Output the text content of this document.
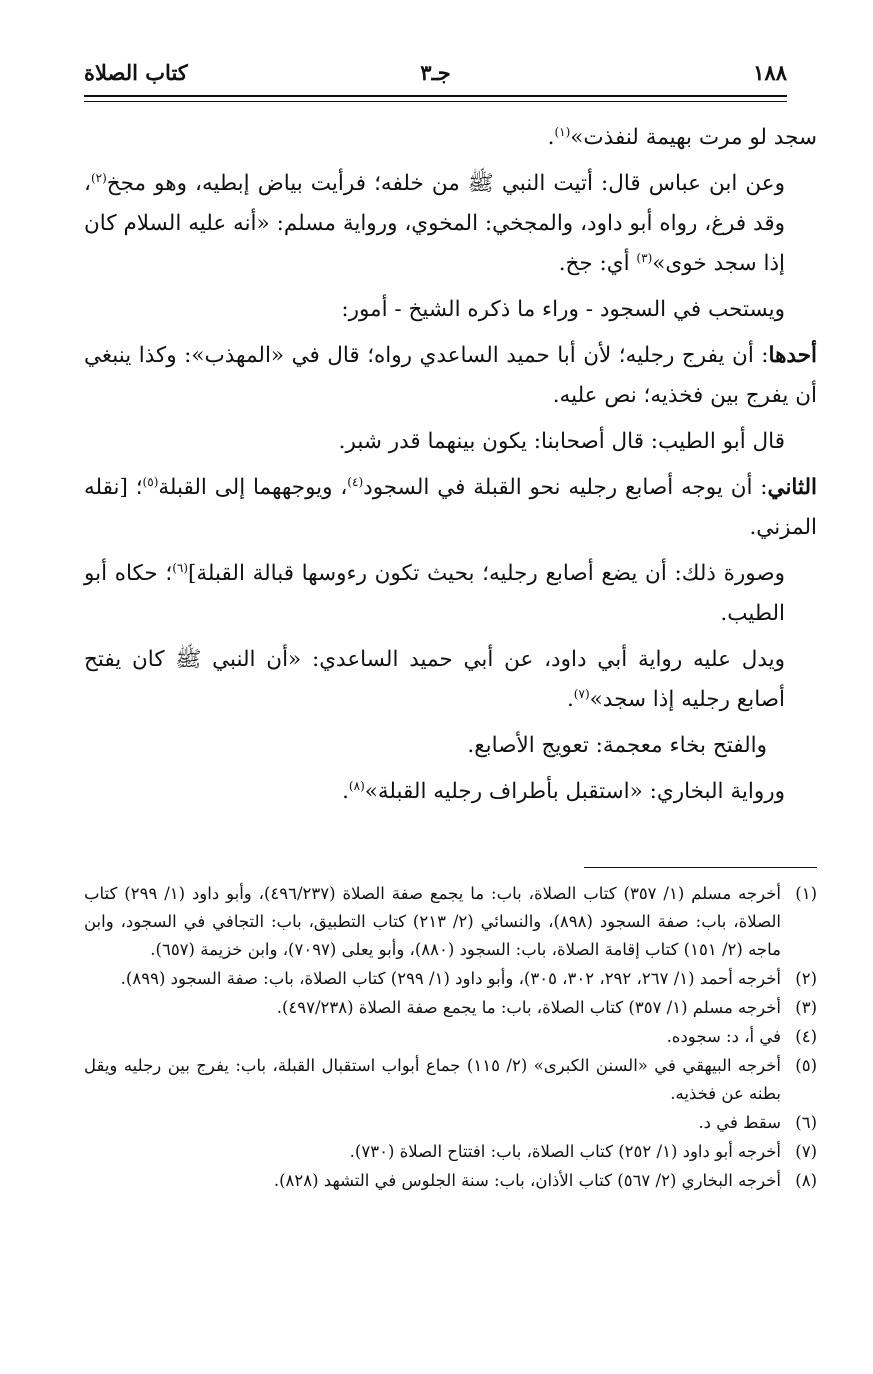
١٨٨
جـ٣
كتاب الصلاة

سجد لو مرت بهيمة لنفذت»$^{(١)}$.

وعن ابن عباس قال: أتيت النبي ﷺ من خلفه؛ فرأيت بياض إبطيه، وهو مجخ$^{(٢)}$، وقد فرغ، رواه أبو داود، والمجخي: المخوي، ورواية مسلم: «أنه عليه السلام كان إذا سجد خوى»$^{(٣)}$ أي: جخ.

ويستحب في السجود - وراء ما ذكره الشيخ - أمور:

أحدها: أن يفرج رجليه؛ لأن أبا حميد الساعدي رواه؛ قال في «المهذب»: وكذا ينبغي أن يفرج بين فخذيه؛ نص عليه.

قال أبو الطيب: قال أصحابنا: يكون بينهما قدر شبر.

الثاني: أن يوجه أصابع رجليه نحو القبلة في السجود$^{(٤)}$، ويوجههما إلى القبلة$^{(٥)}$؛ [نقله المزني.

وصورة ذلك: أن يضع أصابع رجليه؛ بحيث تكون رءوسها قبالة القبلة]$^{(٦)}$؛ حكاه أبو الطيب.

ويدل عليه رواية أبي داود، عن أبي حميد الساعدي: «أن النبي ﷺ كان يفتح أصابع رجليه إذا سجد»$^{(٧)}$.

والفتح بخاء معجمة: تعويج الأصابع.

ورواية البخاري: «استقبل بأطراف رجليه القبلة»$^{(٨)}$.

(١)
أخرجه مسلم (١/ ٣٥٧) كتاب الصلاة، باب: ما يجمع صفة الصلاة (٤٩٦/٢٣٧)، وأبو داود (١/ ٢٩٩) كتاب الصلاة، باب: صفة السجود (٨٩٨)، والنسائي (٢/ ٢١٣) كتاب التطبيق، باب: التجافي في السجود، وابن ماجه (٢/ ١٥١) كتاب إقامة الصلاة، باب: السجود (٨٨٠)، وأبو يعلى (٧٠٩٧)، وابن خزيمة (٦٥٧).
(٢)
أخرجه أحمد (١/ ٢٦٧، ٢٩٢، ٣٠٢، ٣٠٥)، وأبو داود (١/ ٢٩٩) كتاب الصلاة، باب: صفة السجود (٨٩٩).
(٣)
أخرجه مسلم (١/ ٣٥٧) كتاب الصلاة، باب: ما يجمع صفة الصلاة (٤٩٧/٢٣٨).
(٤)
في أ، د: سجوده.
(٥)
أخرجه البيهقي في «السنن الكبرى» (٢/ ١١٥) جماع أبواب استقبال القبلة، باب: يفرج بين رجليه ويقل بطنه عن فخذيه.
(٦)
سقط في د.
(٧)
أخرجه أبو داود (١/ ٢٥٢) كتاب الصلاة، باب: افتتاح الصلاة (٧٣٠).
(٨)
أخرجه البخاري (٢/ ٥٦٧) كتاب الأذان، باب: سنة الجلوس في التشهد (٨٢٨).
